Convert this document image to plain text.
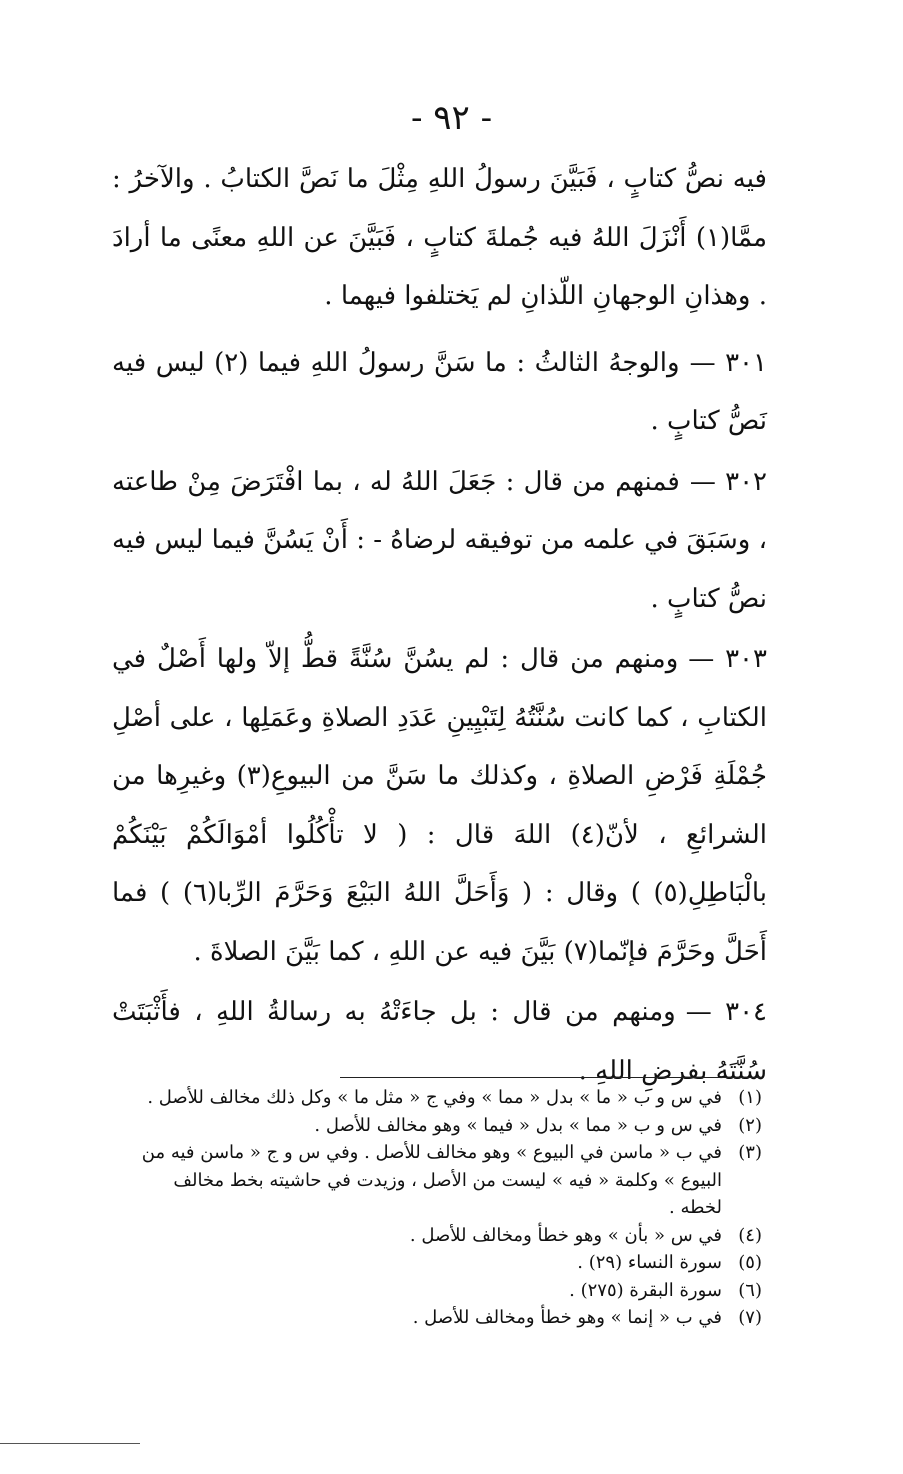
- ٩٢ -

فيه نصُّ كتابٍ ، فَبَيَّنَ رسولُ اللهِ مِثْلَ ما نَصَّ الكتابُ . والآخرُ : ممَّا(١) أَنْزَلَ اللهُ فيه جُملةَ كتابٍ ، فَبَيَّنَ عن اللهِ معنًى ما أرادَ . وهذانِ الوجهانِ اللّذانِ لم يَختلفوا فيهما .

٣٠١ —والوجهُ الثالثُ : ما سَنَّ رسولُ اللهِ فيما (٢) ليس فيه نَصُّ كتابٍ .

٣٠٢ —فمنهم من قال : جَعَلَ اللهُ له ، بما افْتَرَضَ مِنْ طاعته ، وسَبَقَ في علمه من توفيقه لرضاهُ - : أَنْ يَسُنَّ فيما ليس فيه نصُّ كتابٍ .

٣٠٣ —ومنهم من قال : لم يسُنَّ سُنَّةً قطُّ إلاّ ولها أَصْلٌ في الكتابِ ، كما كانت سُنَّتُهُ لِتَبْيِينِ عَدَدِ الصلاةِ وعَمَلِها ، على أصْلِ جُمْلَةِ فَرْضِ الصلاةِ ، وكذلك ما سَنَّ من البيوعِ(٣) وغيرِها من الشرائعِ ، لأنّ(٤) اللهَ قال : ( لا تأْكُلُوا أمْوَالَكُمْ بَيْنَكُمْ بالْبَاطِلِ(٥) ) وقال : ( وَأَحَلَّ اللهُ البَيْعَ وَحَرَّمَ الرِّبا(٦) ) فما أَحَلَّ وحَرَّمَ فإنّما(٧) بَيَّنَ فيه عن اللهِ ، كما بَيَّنَ الصلاةَ .

٣٠٤ —ومنهم من قال : بل جاءَتْهُ به رسالةُ اللهِ ، فأَثْبَتَتْ سُنَّتَهُ بفرضِ اللهِ .

(١)في س و ب « ما » بدل « مما » وفي ج « مثل ما » وكل ذلك مخالف للأصل .

(٢)في س و ب « مما » بدل « فيما » وهو مخالف للأصل .

(٣)في ب « ماسن في البيوع » وهو مخالف للأصل . وفي س و ج « ماسن فيه من البيوع » وكلمة « فيه » ليست من الأصل ، وزيدت في حاشيته بخط مخالف لخطه .

(٤)في س « بأن » وهو خطأ ومخالف للأصل .

(٥)سورة النساء (٢٩) .

(٦)سورة البقرة (٢٧٥) .

(٧)في ب « إنما » وهو خطأ ومخالف للأصل .
